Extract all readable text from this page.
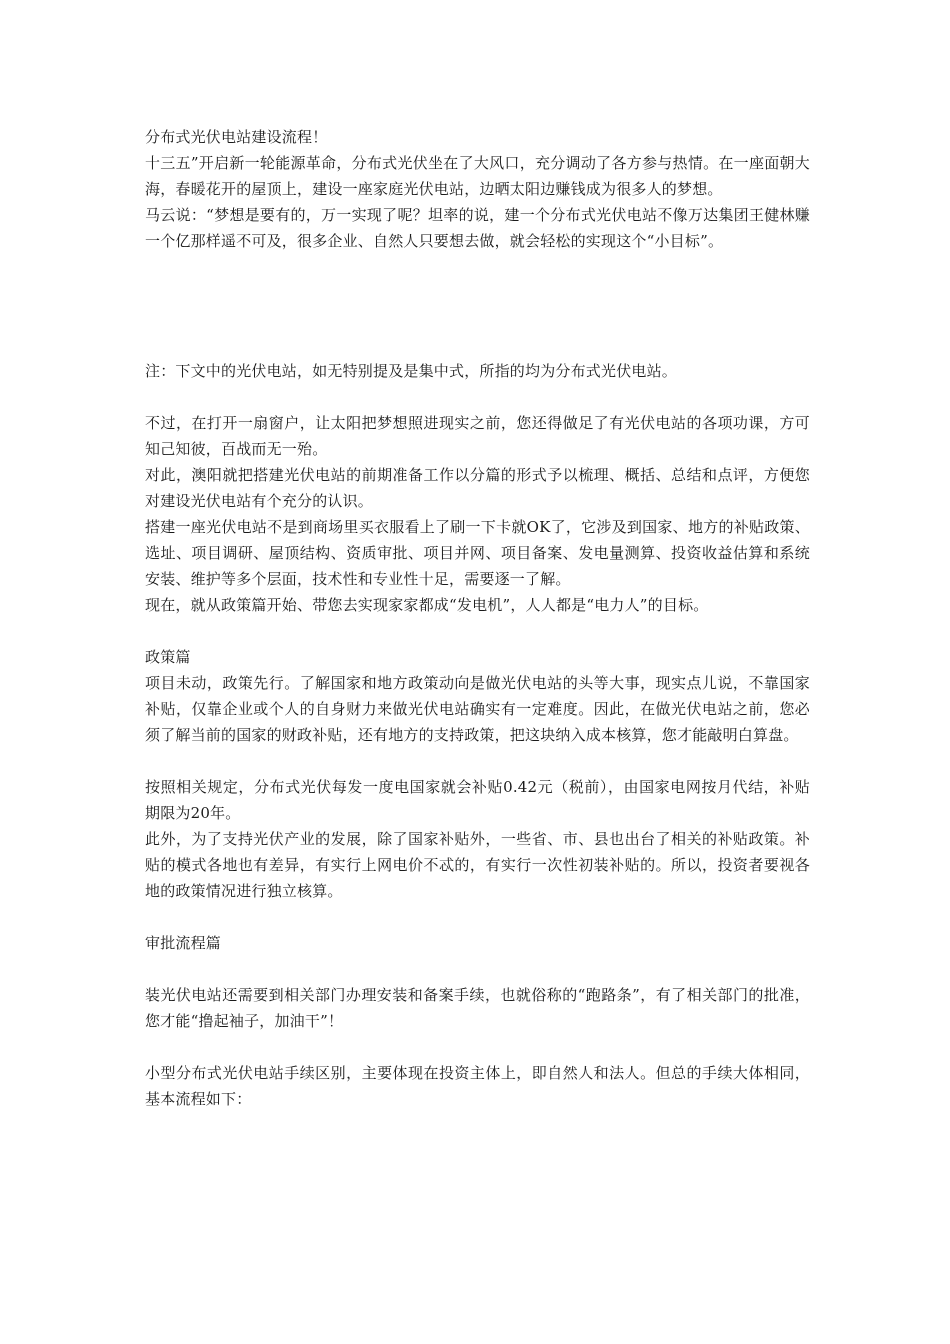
分布式光伏电站建设流程！

十三五”开启新一轮能源革命，分布式光伏坐在了大风口，充分调动了各方参与热情。在一座面朝大海，春暖花开的屋顶上，建设一座家庭光伏电站，边晒太阳边赚钱成为很多人的梦想。

马云说：“梦想是要有的，万一实现了呢？坦率的说，建一个分布式光伏电站不像万达集团王健林赚一个亿那样遥不可及，很多企业、自然人只要想去做，就会轻松的实现这个“小目标”。

注：下文中的光伏电站，如无特别提及是集中式，所指的均为分布式光伏电站。

不过，在打开一扇窗户，让太阳把梦想照进现实之前，您还得做足了有光伏电站的各项功课，方可知己知彼，百战而无一殆。

对此，澳阳就把搭建光伏电站的前期准备工作以分篇的形式予以梳理、概括、总结和点评，方便您对建设光伏电站有个充分的认识。

搭建一座光伏电站不是到商场里买衣服看上了刷一下卡就OK了，它涉及到国家、地方的补贴政策、选址、项目调研、屋顶结构、资质审批、项目并网、项目备案、发电量测算、投资收益估算和系统安装、维护等多个层面，技术性和专业性十足，需要逐一了解。

现在，就从政策篇开始、带您去实现家家都成“发电机”，人人都是“电力人”的目标。

政策篇

项目未动，政策先行。了解国家和地方政策动向是做光伏电站的头等大事，现实点儿说，不靠国家补贴，仅靠企业或个人的自身财力来做光伏电站确实有一定难度。因此，在做光伏电站之前，您必须了解当前的国家的财政补贴，还有地方的支持政策，把这块纳入成本核算，您才能敲明白算盘。

按照相关规定，分布式光伏每发一度电国家就会补贴0.42元（税前），由国家电网按月代结，补贴期限为20年。

此外，为了支持光伏产业的发展，除了国家补贴外，一些省、市、县也出台了相关的补贴政策。补贴的模式各地也有差异，有实行上网电价不忒的，有实行一次性初装补贴的。所以，投资者要视各地的政策情况进行独立核算。

审批流程篇

装光伏电站还需要到相关部门办理安装和备案手续，也就俗称的“跑路条”，有了相关部门的批准，您才能“撸起袖子，加油干”！

小型分布式光伏电站手续区别，主要体现在投资主体上，即自然人和法人。但总的手续大体相同，基本流程如下：
